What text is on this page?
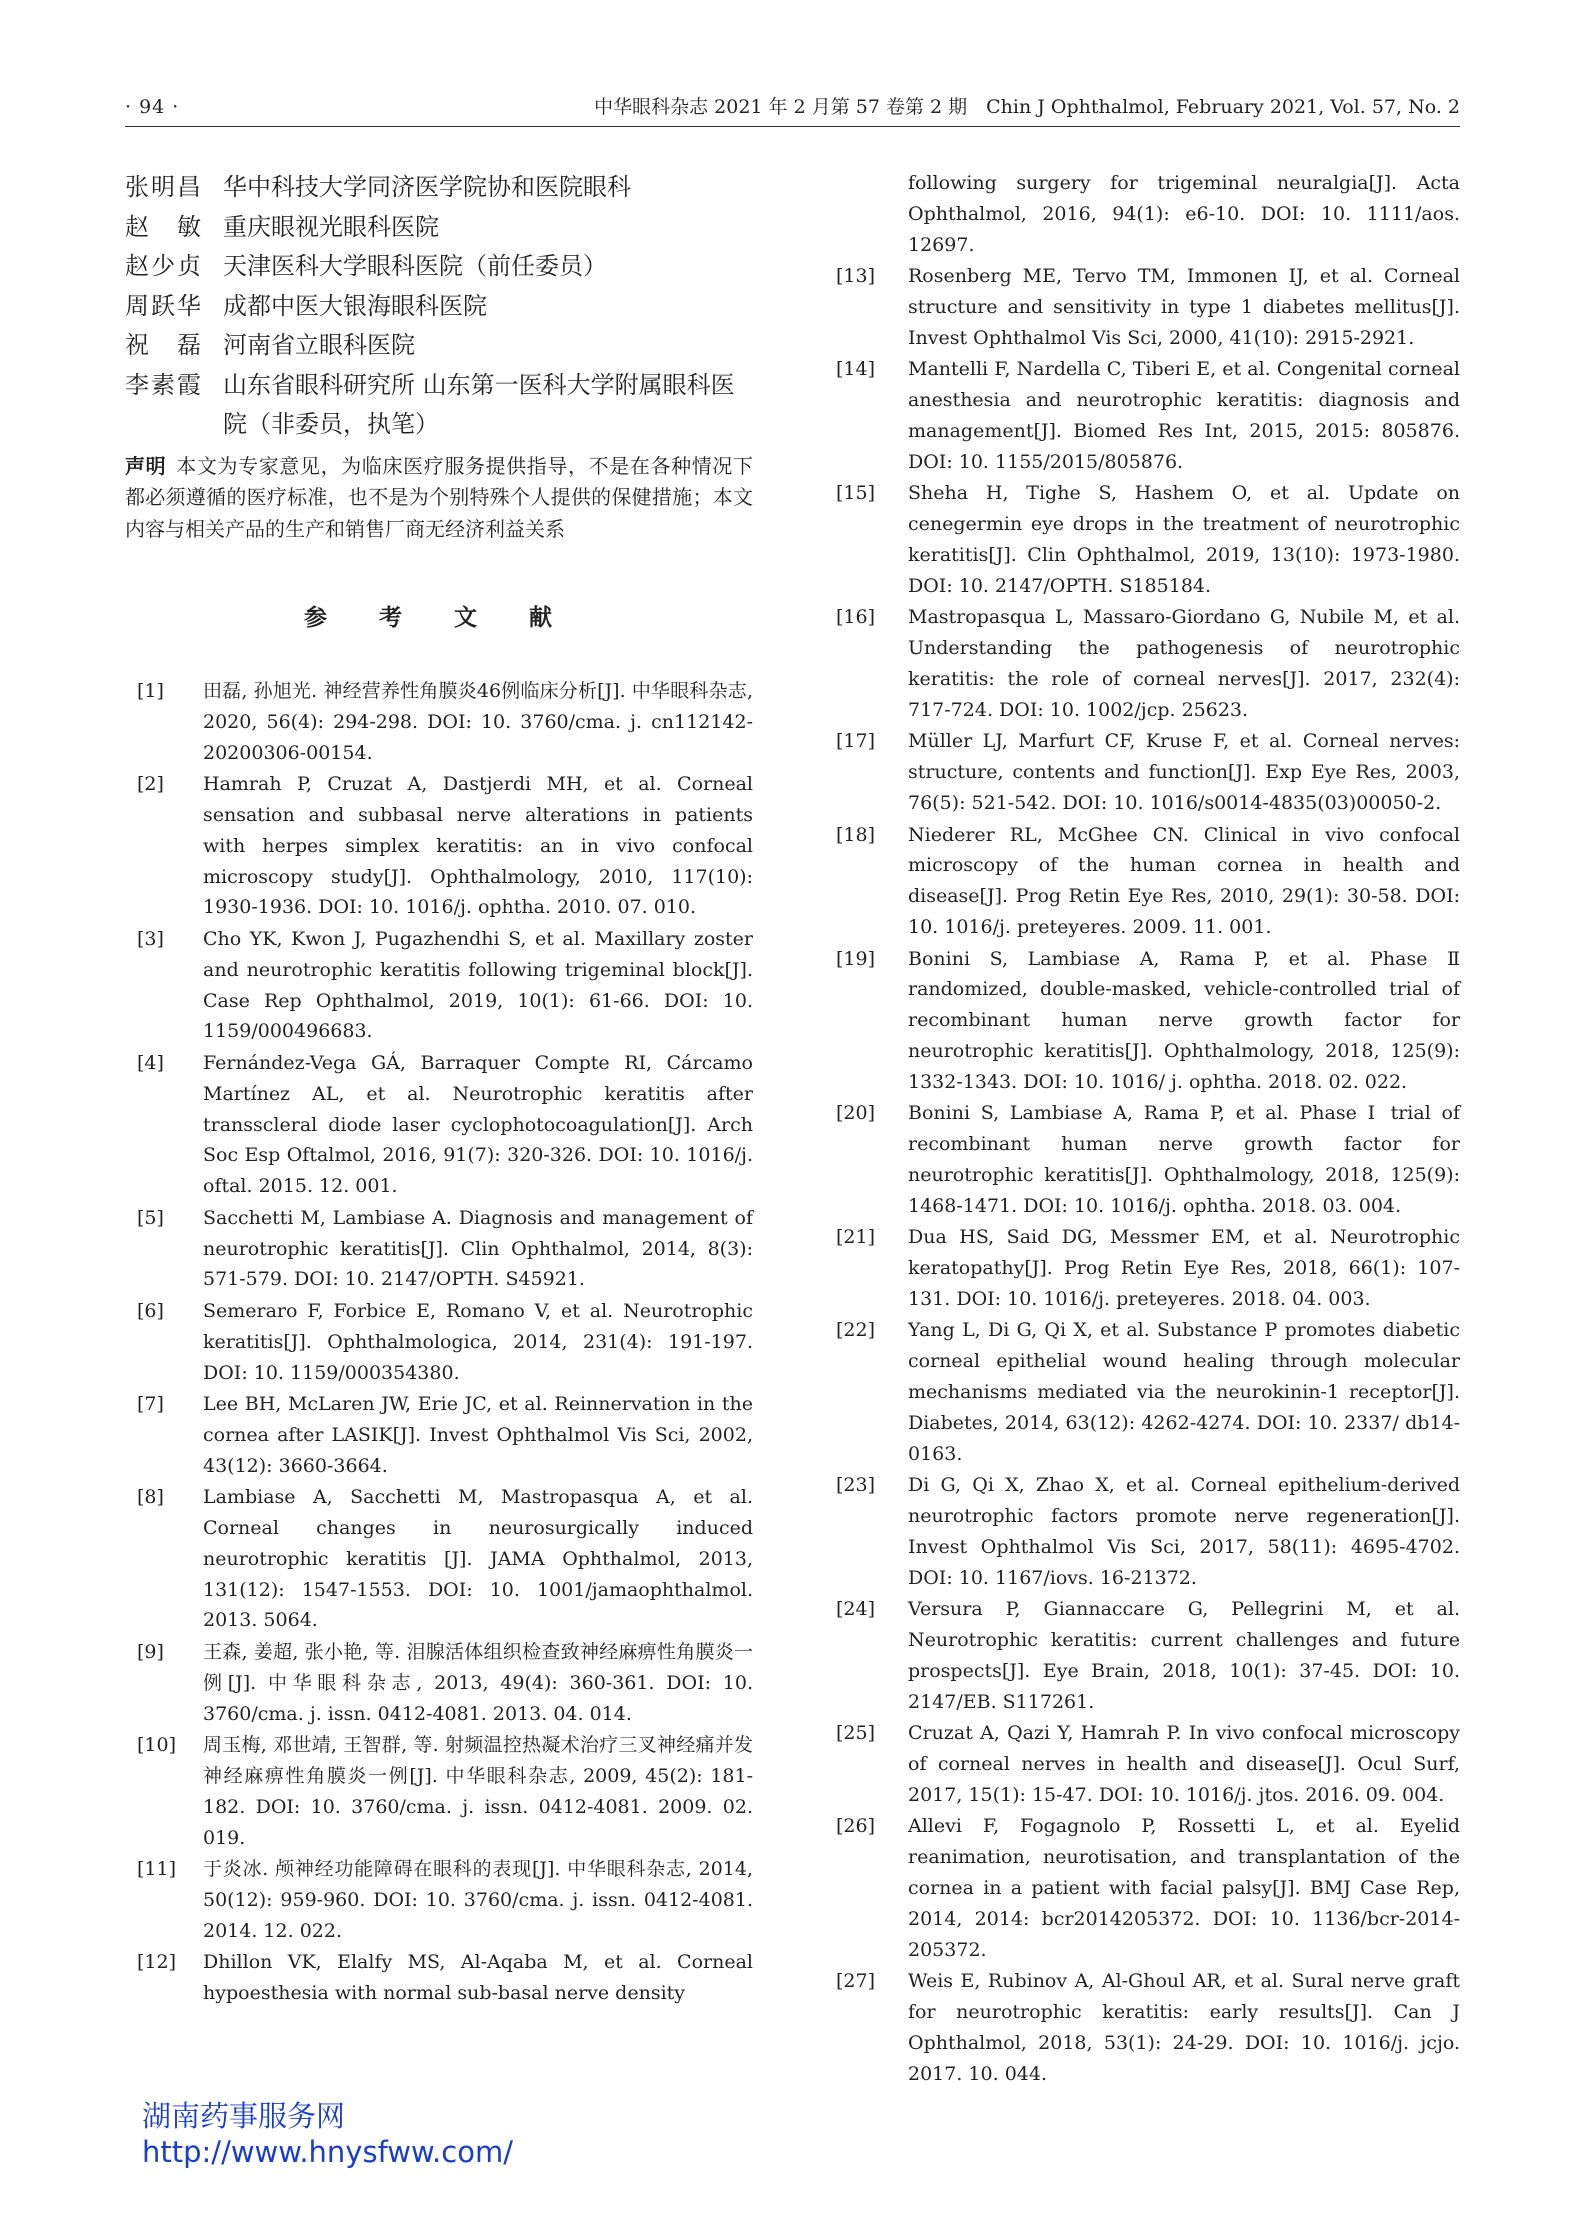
· 94 ·	中华眼科杂志 2021 年 2 月第 57 卷第 2 期　Chin J Ophthalmol, February 2021, Vol. 57, No. 2
张明昌 华中科技大学同济医学院协和医院眼科
赵　敏 重庆眼视光眼科医院
赵少贞 天津医科大学眼科医院（前任委员）
周跃华 成都中医大银海眼科医院
祝　磊 河南省立眼科医院
李素霞 山东省眼科研究所 山东第一医科大学附属眼科医院（非委员，执笔）
声明 本文为专家意见，为临床医疗服务提供指导，不是在各种情况下都必须遵循的医疗标准，也不是为个别特殊个人提供的保健措施；本文内容与相关产品的生产和销售厂商无经济利益关系
参 考 文 献
[1]	田磊, 孙旭光. 神经营养性角膜炎46例临床分析[J]. 中华眼科杂志, 2020, 56(4): 294-298. DOI: 10. 3760/cma. j. cn112142-20200306-00154.
[2]	Hamrah P, Cruzat A, Dastjerdi MH, et al. Corneal sensation and subbasal nerve alterations in patients with herpes simplex keratitis: an in vivo confocal microscopy study[J]. Ophthalmology, 2010, 117(10): 1930-1936. DOI: 10. 1016/j. ophtha. 2010. 07. 010.
[3]	Cho YK, Kwon J, Pugazhendhi S, et al. Maxillary zoster and neurotrophic keratitis following trigeminal block[J]. Case Rep Ophthalmol, 2019, 10(1): 61-66. DOI: 10. 1159/000496683.
[4]	Fernández-Vega GÁ, Barraquer Compte RI, Cárcamo Martínez AL, et al. Neurotrophic keratitis after transscleral diode laser cyclophotocoagulation[J]. Arch Soc Esp Oftalmol, 2016, 91(7): 320-326. DOI: 10. 1016/j. oftal. 2015. 12. 001.
[5]	Sacchetti M, Lambiase A. Diagnosis and management of neurotrophic keratitis[J]. Clin Ophthalmol, 2014, 8(3): 571-579. DOI: 10. 2147/OPTH. S45921.
[6]	Semeraro F, Forbice E, Romano V, et al. Neurotrophic keratitis[J]. Ophthalmologica, 2014, 231(4): 191-197. DOI: 10. 1159/000354380.
[7]	Lee BH, McLaren JW, Erie JC, et al. Reinnervation in the cornea after LASIK[J]. Invest Ophthalmol Vis Sci, 2002, 43(12): 3660-3664.
[8]	Lambiase A, Sacchetti M, Mastropasqua A, et al. Corneal changes in neurosurgically induced neurotrophic keratitis [J]. JAMA Ophthalmol, 2013, 131(12): 1547-1553. DOI: 10. 1001/jamaophthalmol. 2013. 5064.
[9]	王森, 姜超, 张小艳, 等. 泪腺活体组织检查致神经麻痹性角膜炎一例[J]. 中华眼科杂志, 2013, 49(4): 360-361. DOI: 10. 3760/cma. j. issn. 0412-4081. 2013. 04. 014.
[10]	周玉梅, 邓世靖, 王智群, 等. 射频温控热凝术治疗三叉神经痛并发神经麻痹性角膜炎一例[J]. 中华眼科杂志, 2009, 45(2): 181-182. DOI: 10. 3760/cma. j. issn. 0412-4081. 2009. 02. 019.
[11]	于炎冰. 颅神经功能障碍在眼科的表现[J]. 中华眼科杂志, 2014, 50(12): 959-960. DOI: 10. 3760/cma. j. issn. 0412-4081. 2014. 12. 022.
[12]	Dhillon VK, Elalfy MS, Al-Aqaba M, et al. Corneal hypoesthesia with normal sub-basal nerve density
following surgery for trigeminal neuralgia[J]. Acta Ophthalmol, 2016, 94(1): e6-10. DOI: 10. 1111/aos. 12697.
[13]	Rosenberg ME, Tervo TM, Immonen IJ, et al. Corneal structure and sensitivity in type 1 diabetes mellitus[J]. Invest Ophthalmol Vis Sci, 2000, 41(10): 2915-2921.
[14]	Mantelli F, Nardella C, Tiberi E, et al. Congenital corneal anesthesia and neurotrophic keratitis: diagnosis and management[J]. Biomed Res Int, 2015, 2015: 805876. DOI: 10. 1155/2015/805876.
[15]	Sheha H, Tighe S, Hashem O, et al. Update on cenegermin eye drops in the treatment of neurotrophic keratitis[J]. Clin Ophthalmol, 2019, 13(10): 1973-1980. DOI: 10. 2147/OPTH. S185184.
[16]	Mastropasqua L, Massaro-Giordano G, Nubile M, et al. Understanding the pathogenesis of neurotrophic keratitis: the role of corneal nerves[J]. 2017, 232(4): 717-724. DOI: 10. 1002/jcp. 25623.
[17]	Müller LJ, Marfurt CF, Kruse F, et al. Corneal nerves: structure, contents and function[J]. Exp Eye Res, 2003, 76(5): 521-542. DOI: 10. 1016/s0014-4835(03)00050-2.
[18]	Niederer RL, McGhee CN. Clinical in vivo confocal microscopy of the human cornea in health and disease[J]. Prog Retin Eye Res, 2010, 29(1): 30-58. DOI: 10. 1016/j. preteyeres. 2009. 11. 001.
[19]	Bonini S, Lambiase A, Rama P, et al. Phase Ⅱ randomized, double-masked, vehicle-controlled trial of recombinant human nerve growth factor for neurotrophic keratitis[J]. Ophthalmology, 2018, 125(9): 1332-1343. DOI: 10. 1016/ j. ophtha. 2018. 02. 022.
[20]	Bonini S, Lambiase A, Rama P, et al. Phase Ⅰ trial of recombinant human nerve growth factor for neurotrophic keratitis[J]. Ophthalmology, 2018, 125(9): 1468-1471. DOI: 10. 1016/j. ophtha. 2018. 03. 004.
[21]	Dua HS, Said DG, Messmer EM, et al. Neurotrophic keratopathy[J]. Prog Retin Eye Res, 2018, 66(1): 107-131. DOI: 10. 1016/j. preteyeres. 2018. 04. 003.
[22]	Yang L, Di G, Qi X, et al. Substance P promotes diabetic corneal epithelial wound healing through molecular mechanisms mediated via the neurokinin-1 receptor[J]. Diabetes, 2014, 63(12): 4262-4274. DOI: 10. 2337/ db14-0163.
[23]	Di G, Qi X, Zhao X, et al. Corneal epithelium-derived neurotrophic factors promote nerve regeneration[J]. Invest Ophthalmol Vis Sci, 2017, 58(11): 4695-4702. DOI: 10. 1167/iovs. 16-21372.
[24]	Versura P, Giannaccare G, Pellegrini M, et al. Neurotrophic keratitis: current challenges and future prospects[J]. Eye Brain, 2018, 10(1): 37-45. DOI: 10. 2147/EB. S117261.
[25]	Cruzat A, Qazi Y, Hamrah P. In vivo confocal microscopy of corneal nerves in health and disease[J]. Ocul Surf, 2017, 15(1): 15-47. DOI: 10. 1016/j. jtos. 2016. 09. 004.
[26]	Allevi F, Fogagnolo P, Rossetti L, et al. Eyelid reanimation, neurotisation, and transplantation of the cornea in a patient with facial palsy[J]. BMJ Case Rep, 2014, 2014: bcr2014205372. DOI: 10. 1136/bcr-2014-205372.
[27]	Weis E, Rubinov A, Al-Ghoul AR, et al. Sural nerve graft for neurotrophic keratitis: early results[J]. Can J Ophthalmol, 2018, 53(1): 24-29. DOI: 10. 1016/j. jcjo. 2017. 10. 044.
湖南药事服务网
http://www.hnysfww.com/
